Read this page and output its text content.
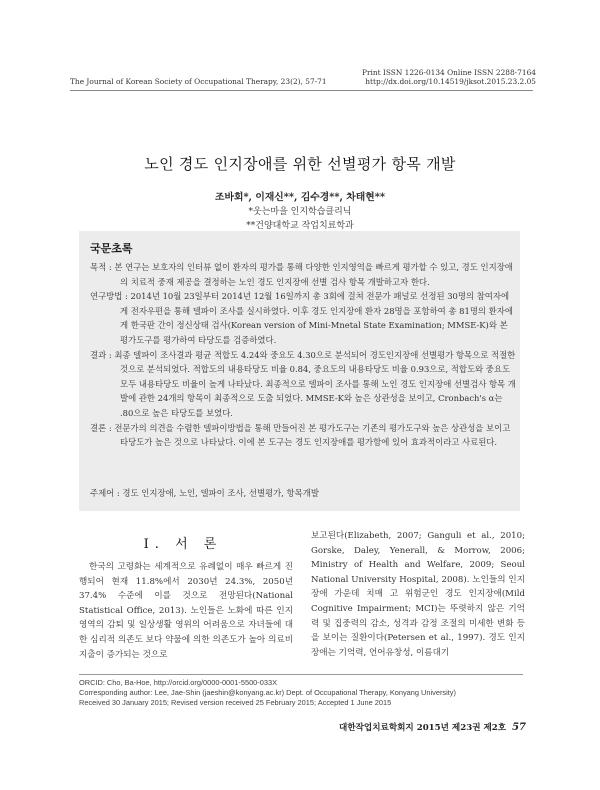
Print ISSN 1226-0134 Online ISSN 2288-7164
http://dx.doi.org/10.14519/jksot.2015.23.2.05
The Journal of Korean Society of Occupational Therapy, 23(2), 57-71
노인 경도 인지장애를 위한 선별평가 항목 개발
조바회*, 이재신**, 김수경**, 차태현**
*웃는마을 인지학습클리닉
**건양대학교 작업치료학과
국문초록

목적 : 본 연구는 보호자의 인터뷰 없이 환자의 평가를 통해 다양한 인지영역을 빠르게 평가할 수 있고, 경도 인지장애의 치료적 중재 제공을 결정하는 노인 경도 인지장애 선별 검사 항목 개발하고자 한다.

연구방법 : 2014년 10월 23일부터 2014년 12월 16일까지 총 3회에 걸쳐 전문가 패널로 선정된 30명의 참여자에게 전자우편을 통해 델파이 조사를 실시하였다. 이후 경도 인지장애 환자 28명을 포함하여 총 81명의 환자에게 한국판 간이 정신상태 검사(Korean version of Mini-Mnetal State Examination; MMSE-K)와 본 평가도구를 평가하여 타당도를 검증하였다.

결과 : 최종 델파이 조사결과 평균 적합도 4.24와 중요도 4.30으로 분석되어 경도인지장애 선별평가 항목으로 적절한 것으로 분석되었다. 적합도의 내용타당도 비율 0.84, 중요도의 내용타당도 비율 0.93으로, 적합도와 중요도 모두 내용타당도 비율이 높게 나타났다. 최종적으로 델파이 조사를 통해 노인 경도 인지장애 선별검사 항목 개발에 관한 24개의 항목이 최종적으로 도출 되었다. MMSE-K와 높은 상관성을 보이고, Cronbach's α는 .80으로 높은 타당도를 보였다.

결론 : 전문가의 의견을 수렴한 델파이방법을 통해 만들어진 본 평가도구는 기존의 평가도구와 높은 상관성을 보이고 타당도가 높은 것으로 나타났다. 이에 본 도구는 경도 인지장애를 평가함에 있어 효과적이라고 사료된다.

주제어 : 경도 인지장애, 노인, 델파이 조사, 선별평가, 항목개발
Ⅰ. 서 론

한국의 고령화는 세계적으로 유례없이 매우 빠르게 진행되어 현재 11.8%에서 2030년 24.3%, 2050년 37.4% 수준에 이를 것으로 전망된다(National Statistical Office, 2013). 노인들은 노화에 따른 인지영역의 감퇴 및 일상생활 영위의 어려움으로 자녀들에 대한 심리적 의존도 보다 약물에 의한 의존도가 높아 의료비 지출이 증가되는 것으로

보고된다(Elizabeth, 2007; Ganguli et al., 2010; Gorske, Daley, Yenerall, & Morrow, 2006; Ministry of Health and Welfare, 2009; Seoul National University Hospital, 2008). 노인들의 인지장애 가운데 치매 고 위험군인 경도 인지장애(Mild Cognitive Impairment; MCI)는 뚜렷하지 않은 기억력 및 집중력의 감소, 성격과 감정 조절의 미세한 변화 등을 보이는 질환이다(Petersen et al., 1997). 경도 인지장애는 기억력, 언어유창성, 이름대기

ORCID: Cho, Ba-Hoe, http://orcid.org/0000-0001-5500-033X

Corresponding author: Lee, Jae-Shin (jaeshin@konyang.ac.kr) Dept. of Occupational Therapy, Konyang University)

Received 30 January 2015; Revised version received 25 February 2015; Accepted 1 June 2015

대한작업치료학회지 2015년 제23권 제2호 57
